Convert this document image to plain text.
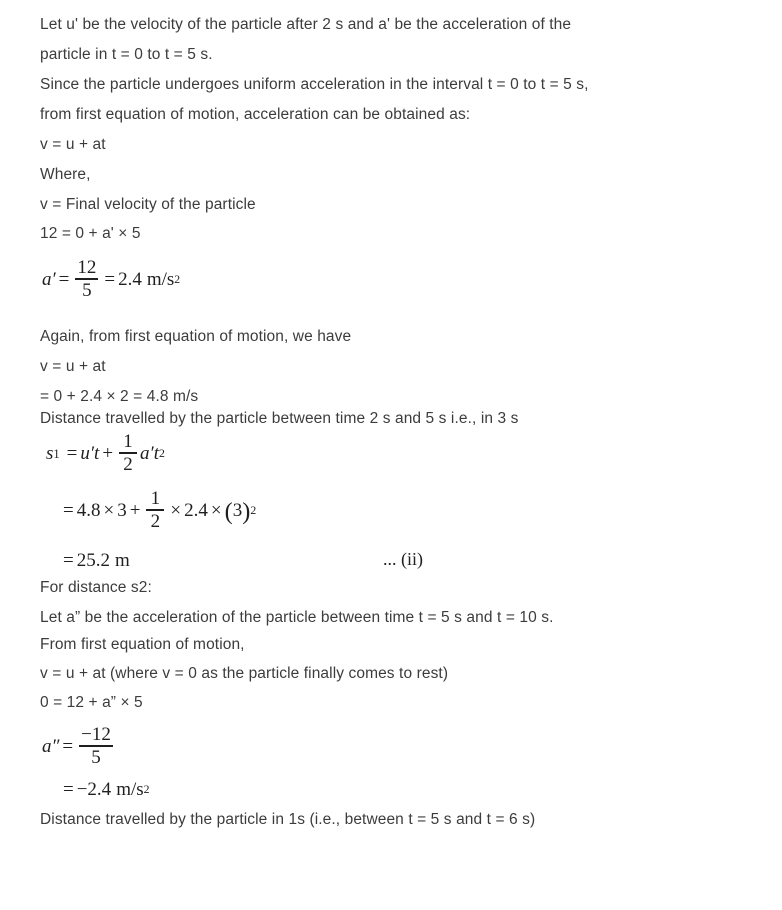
Let u' be the velocity of the particle after 2 s and a' be the acceleration of the
particle in t = 0 to t = 5 s.
Since the particle undergoes uniform acceleration in the interval t = 0 to t = 5 s,
from first equation of motion, acceleration can be obtained as:
v = u + at
Where,
v = Final velocity of the particle
12 = 0 + a' × 5
a ′ = $\frac{12}{5} = 2.4$ m/s 2
Again, from first equation of motion, we have
v = u + at
= 0 + 2.4 × 2 = 4.8 m/s
Distance travelled by the particle between time 2 s and 5 s i.e., in 3 s
s 1 = u ′ $t + \frac{1}{2}$ a ′ t 2
= $4.8 \times 3 + \frac{1}{2} \times 2.4$ × ( 3 ) 2
= 25.2 m	... (ii)
For distance s2:
Let a” be the acceleration of the particle between time t = 5 s and t = 10 s.
From first equation of motion,
v = u + at (where v = 0 as the particle finally comes to rest)
0 = 12 + a” × 5
a ″ = $\frac{-12}{5}$
= −2.4 m/s 2
Distance travelled by the particle in 1s (i.e., between t = 5 s and t = 6 s)
